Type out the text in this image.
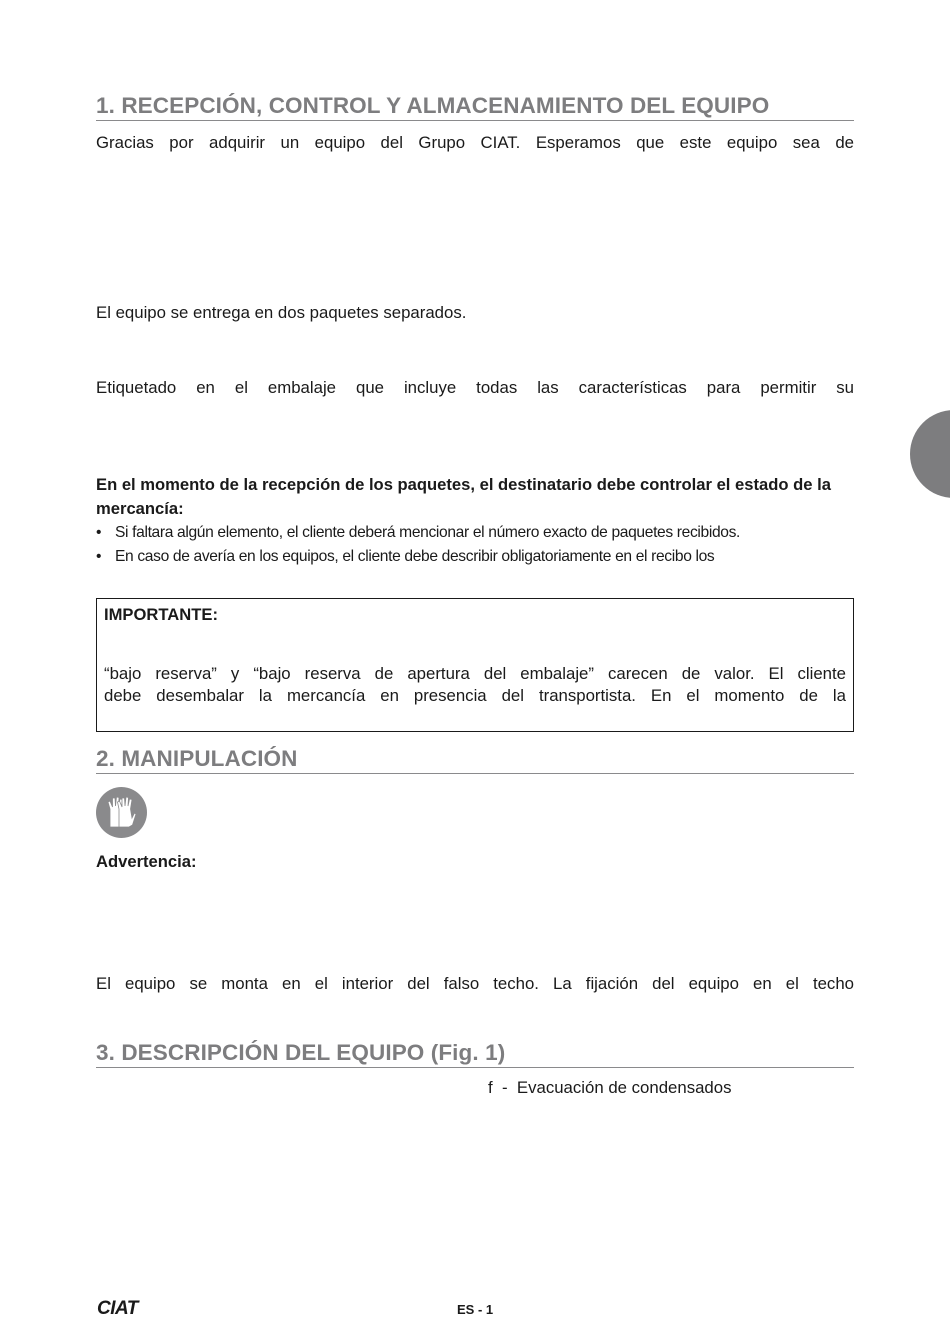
1. RECEPCIÓN, CONTROL Y ALMACENAMIENTO DEL EQUIPO
Gracias por adquirir un equipo del Grupo CIAT. Esperamos que este equipo sea de
El equipo se entrega en dos paquetes separados.
Etiquetado en el embalaje que incluye todas las características para permitir su
En el momento de la recepción de los paquetes, el destinatario debe controlar el estado de la mercancía:
• Si faltara algún elemento, el cliente deberá mencionar el número exacto de paquetes recibidos.
• En caso de avería en los equipos, el cliente debe describir obligatoriamente en el recibo los
IMPORTANTE:
“bajo reserva” y “bajo reserva de apertura del embalaje” carecen de valor. El cliente
debe desembalar la mercancía en presencia del transportista. En el momento de la
2. MANIPULACIÓN
Advertencia:
El equipo se monta en el interior del falso techo. La fijación del equipo en el techo
3. DESCRIPCIÓN DEL EQUIPO (Fig. 1)
f  -  Evacuación de condensados
CIAT	ES - 1
